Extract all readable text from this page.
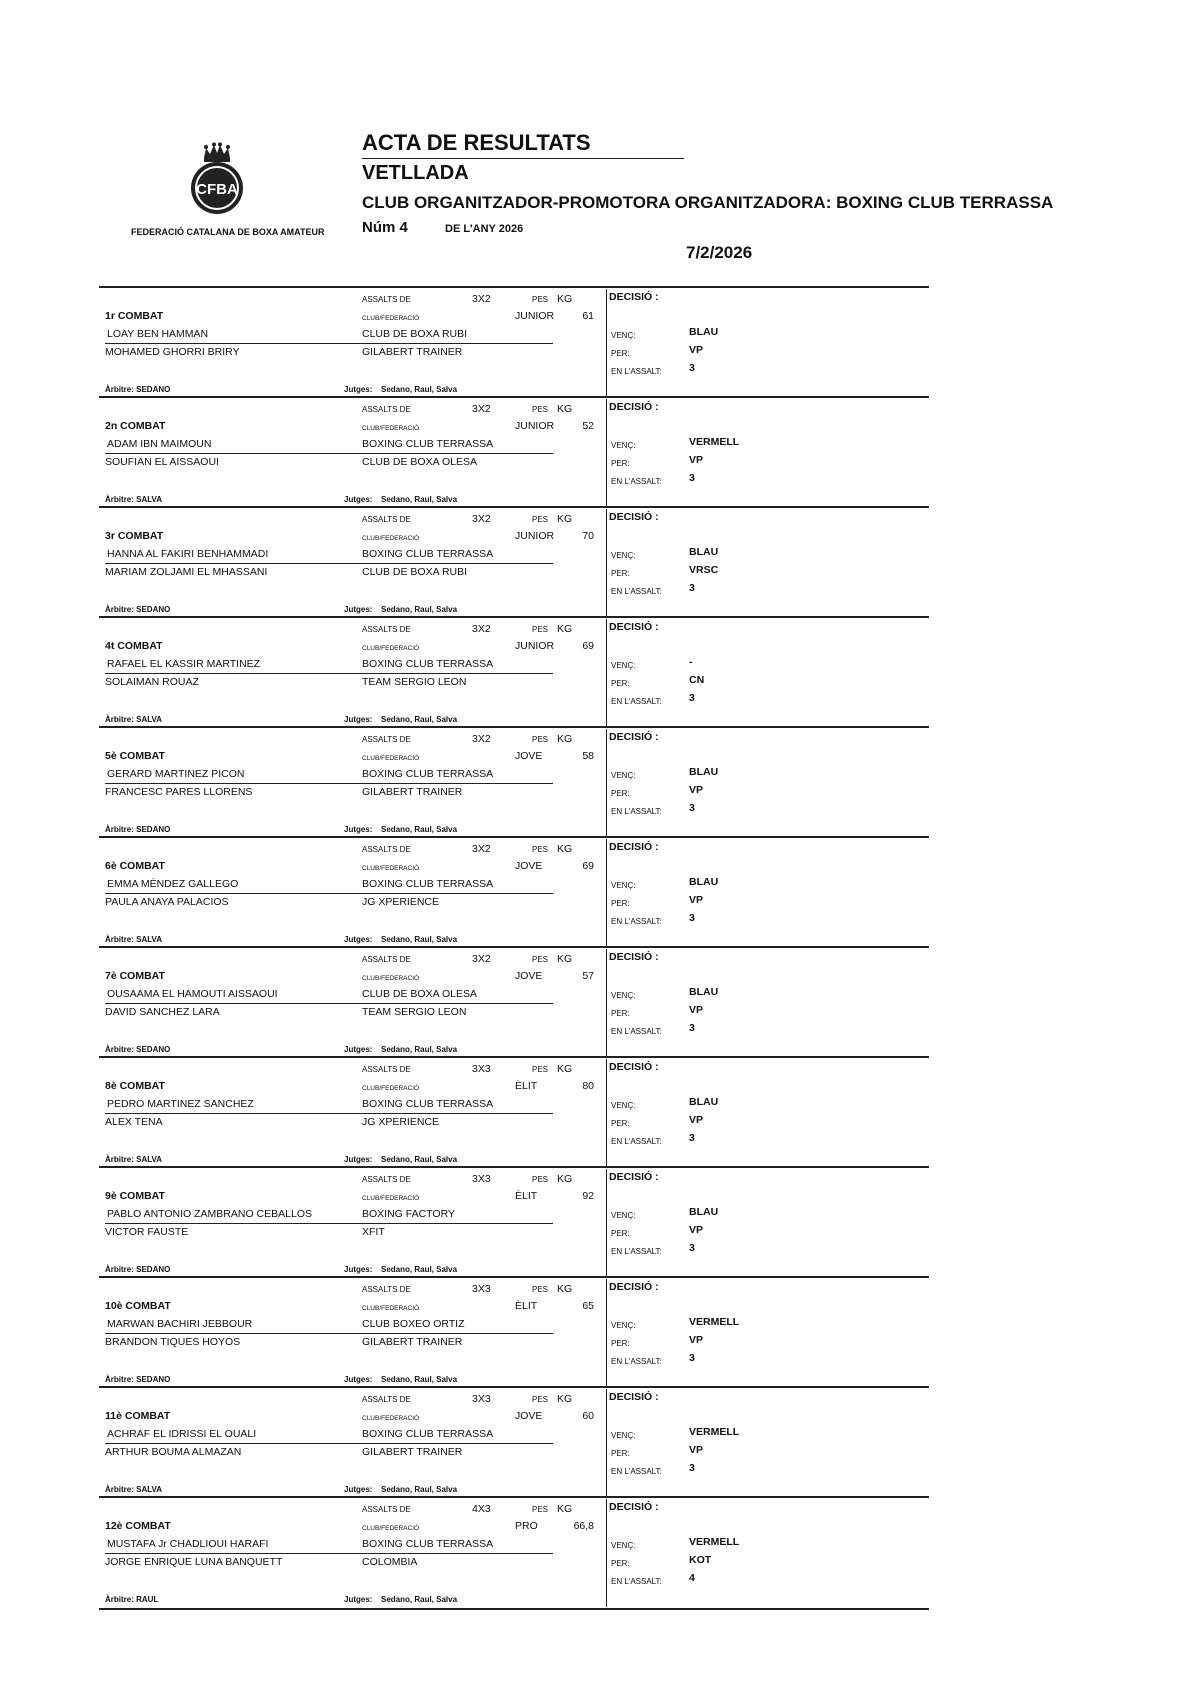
CFBA
FEDERACIÓ CATALANA DE BOXA AMATEUR
ACTA DE RESULTATS
VETLLADA
CLUB ORGANITZADOR-PROMOTORA ORGANITZADORA: BOXING CLUB TERRASSA
Núm 4	DE L'ANY 2026
7/2/2026
ASSALTS DE	3X2	PES KG	DECISIÓ :
1r COMBAT	CLUB/FEDERACIÓ	JUNIOR	61
LOAY BEN HAMMAN	CLUB DE BOXA RUBI	VENÇ:	BLAU
MOHAMED GHORRI BRIRY	GILABERT TRAINER	PER:	VP
EN L'ASSALT:	3
Àrbitre: SEDANO	Jutges: Sedano, Raul, Salva
ASSALTS DE	3X2	PES KG	DECISIÓ :
2n COMBAT	CLUB/FEDERACIÓ	JUNIOR	52
ADAM IBN MAIMOUN	BOXING CLUB TERRASSA	VENÇ:	VERMELL
SOUFIAN EL AISSAOUI	CLUB DE BOXA OLESA	PER:	VP
EN L'ASSALT:	3
Àrbitre: SALVA	Jutges: Sedano, Raul, Salva
ASSALTS DE	3X2	PES KG	DECISIÓ :
3r COMBAT	CLUB/FEDERACIÓ	JUNIOR	70
HANNA AL FAKIRI BENHAMMADI	BOXING CLUB TERRASSA	VENÇ:	BLAU
MARIAM ZOLJAMI EL MHASSANI	CLUB DE BOXA RUBI	PER:	VRSC
EN L'ASSALT:	3
Àrbitre: SEDANO	Jutges: Sedano, Raul, Salva
ASSALTS DE	3X2	PES KG	DECISIÓ :
4t COMBAT	CLUB/FEDERACIÓ	JUNIOR	69
RAFAEL EL KASSIR MARTINEZ	BOXING CLUB TERRASSA	VENÇ:	-
SOLAIMAN ROUAZ	TEAM SERGIO LEON	PER:	CN
EN L'ASSALT:	3
Àrbitre: SALVA	Jutges: Sedano, Raul, Salva
ASSALTS DE	3X2	PES KG	DECISIÓ :
5è COMBAT	CLUB/FEDERACIÓ	JOVE	58
GERARD MARTINEZ PICON	BOXING CLUB TERRASSA	VENÇ:	BLAU
FRANCESC PARES LLORENS	GILABERT TRAINER	PER:	VP
EN L'ASSALT:	3
Àrbitre: SEDANO	Jutges: Sedano, Raul, Salva
ASSALTS DE	3X2	PES KG	DECISIÓ :
6è COMBAT	CLUB/FEDERACIÓ	JOVE	69
EMMA MÉNDEZ GALLEGO	BOXING CLUB TERRASSA	VENÇ:	BLAU
PAULA ANAYA PALACIOS	JG XPERIENCE	PER:	VP
EN L'ASSALT:	3
Àrbitre: SALVA	Jutges: Sedano, Raul, Salva
ASSALTS DE	3X2	PES KG	DECISIÓ :
7è COMBAT	CLUB/FEDERACIÓ	JOVE	57
OUSAAMA EL HAMOUTI AISSAOUI	CLUB DE BOXA OLESA	VENÇ:	BLAU
DAVID SANCHEZ LARA	TEAM SERGIO LEON	PER:	VP
EN L'ASSALT:	3
Àrbitre: SEDANO	Jutges: Sedano, Raul, Salva
ASSALTS DE	3X3	PES KG	DECISIÓ :
8è COMBAT	CLUB/FEDERACIÓ	ÈLIT	80
PEDRO MARTINEZ SANCHEZ	BOXING CLUB TERRASSA	VENÇ:	BLAU
ALEX TENA	JG XPERIENCE	PER:	VP
EN L'ASSALT:	3
Àrbitre: SALVA	Jutges: Sedano, Raul, Salva
ASSALTS DE	3X3	PES KG	DECISIÓ :
9è COMBAT	CLUB/FEDERACIÓ	ÈLIT	92
PABLO ANTONIO ZAMBRANO CEBALLOS	BOXING FACTORY	VENÇ:	BLAU
VICTOR FAUSTE	XFIT	PER:	VP
EN L'ASSALT:	3
Àrbitre: SEDANO	Jutges: Sedano, Raul, Salva
ASSALTS DE	3X3	PES KG	DECISIÓ :
10è COMBAT	CLUB/FEDERACIÓ	ÈLIT	65
MARWAN BACHIRI JEBBOUR	CLUB BOXEO ORTIZ	VENÇ:	VERMELL
BRANDON TIQUES HOYOS	GILABERT TRAINER	PER:	VP
EN L'ASSALT:	3
Àrbitre: SEDANO	Jutges: Sedano, Raul, Salva
ASSALTS DE	3X3	PES KG	DECISIÓ :
11è COMBAT	CLUB/FEDERACIÓ	JOVE	60
ACHRAF EL IDRISSI EL OUALI	BOXING CLUB TERRASSA	VENÇ:	VERMELL
ARTHUR BOUMA ALMAZAN	GILABERT TRAINER	PER:	VP
EN L'ASSALT:	3
Àrbitre: SALVA	Jutges: Sedano, Raul, Salva
ASSALTS DE	4X3	PES KG	DECISIÓ :
12è COMBAT	CLUB/FEDERACIÓ	PRO	66,8
MUSTAFA Jr CHADLIOUI HARAFI	BOXING CLUB TERRASSA	VENÇ:	VERMELL
JORGE ENRIQUE LUNA BANQUETT	COLOMBIA	PER:	KOT
EN L'ASSALT:	4
Àrbitre: RAUL	Jutges: Sedano, Raul, Salva
